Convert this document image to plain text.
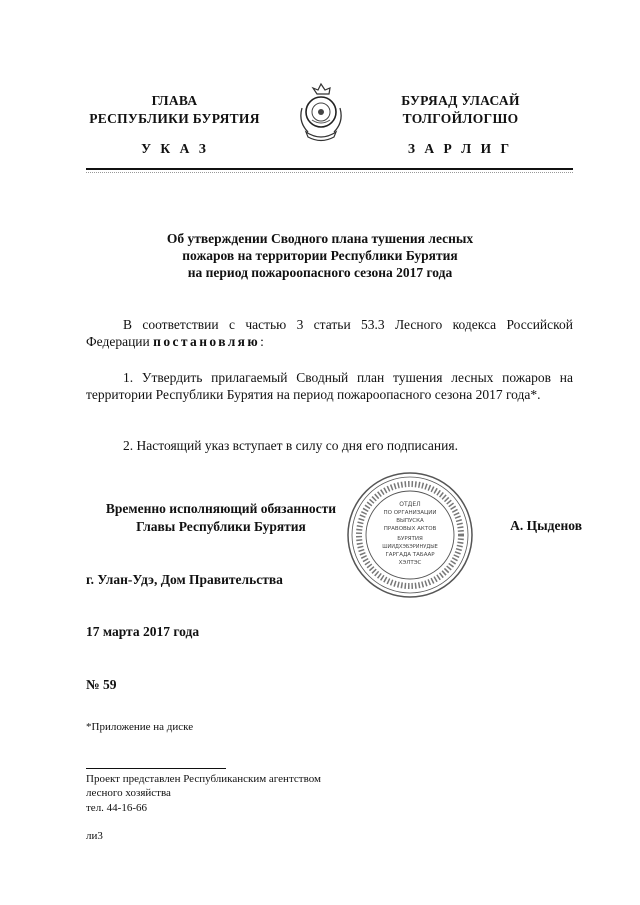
ГЛАВА
РЕСПУБЛИКИ БУРЯТИЯ
БУРЯАД УЛАСАЙ
ТОЛГОЙЛОГШО
У К А З	З А Р Л И Г
Об утверждении Сводного плана тушения лесных
пожаров на территории Республики Бурятия
на период пожароопасного сезона 2017 года
В соответствии с частью 3 статьи 53.3 Лесного кодекса Российской Федерации постановляю:
1. Утвердить прилагаемый Сводный план тушения лесных пожаров на территории Республики Бурятия на период пожароопасного сезона 2017 года*.
2. Настоящий указ вступает в силу со дня его подписания.
Временно исполняющий обязанности
Главы Республики Бурятия
ОТДЕЛ
ПО ОРГАНИЗАЦИИ
ВЫПУСКА
ПРАВОВЫХ АКТОВ
БУРЯТИЯ
ШИИДХЭБЭРИНУДЫЕ
ГАРГАДА ТАБААР
ХЭЛТЭС
А. Цыденов
г. Улан-Удэ, Дом Правительства
17 марта 2017 года
№ 59
*Приложение на диске
Проект представлен Республиканским агентством
лесного хозяйства
тел. 44-16-66
ли3
